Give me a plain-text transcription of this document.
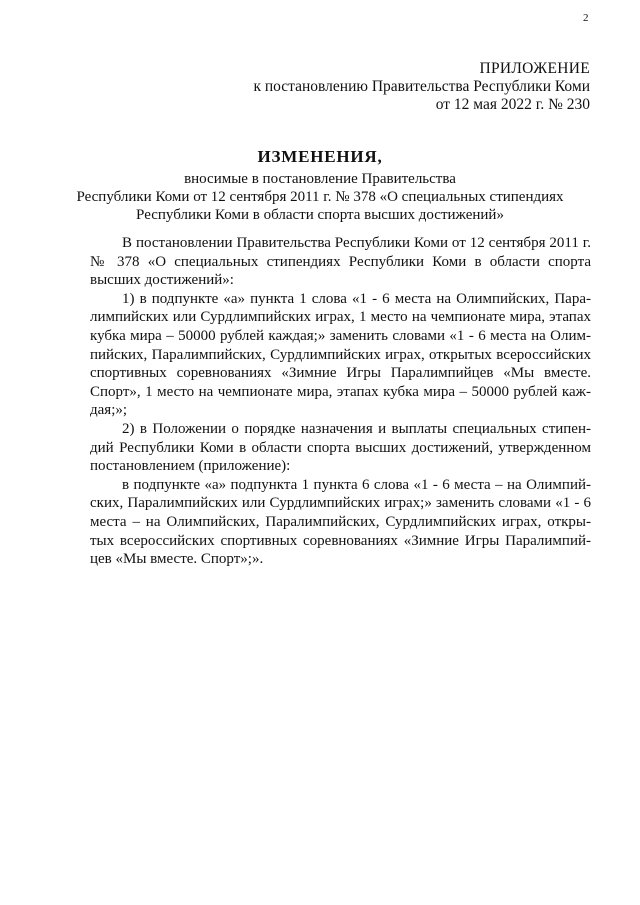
2
ПРИЛОЖЕНИЕ
к постановлению Правительства Республики Коми
от 12 мая 2022 г. № 230
ИЗМЕНЕНИЯ,
вносимые в постановление Правительства
Республики Коми от 12 сентября 2011 г. № 378 «О специальных стипендиях
Республики Коми в области спорта высших достижений»

В постановлении Правительства Республики Коми от 12 сентября 2011 г. № 378 «О специальных стипендиях Республики Коми в области спорта высших достижений»:

1) в подпункте «а» пункта 1 слова «1 - 6 места на Олимпийских, Паралимпийских или Сурдлимпийских играх, 1 место на чемпионате мира, этапах кубка мира – 50000 рублей каждая;» заменить словами «1 - 6 места на Олимпийских, Паралимпийских, Сурдлимпийских играх, открытых всероссийских спортивных соревнованиях «Зимние Игры Паралимпийцев «Мы вместе. Спорт», 1 место на чемпионате мира, этапах кубка мира – 50000 рублей каждая;»;

2) в Положении о порядке назначения и выплаты специальных стипендий Республики Коми в области спорта высших достижений, утвержденном постановлением (приложение):

в подпункте «а» подпункта 1 пункта 6 слова «1 - 6 места – на Олимпийских, Паралимпийских или Сурдлимпийских играх;» заменить словами «1 - 6 места – на Олимпийских, Паралимпийских, Сурдлимпийских играх, открытых всероссийских спортивных соревнованиях «Зимние Игры Паралимпийцев «Мы вместе. Спорт»;».
